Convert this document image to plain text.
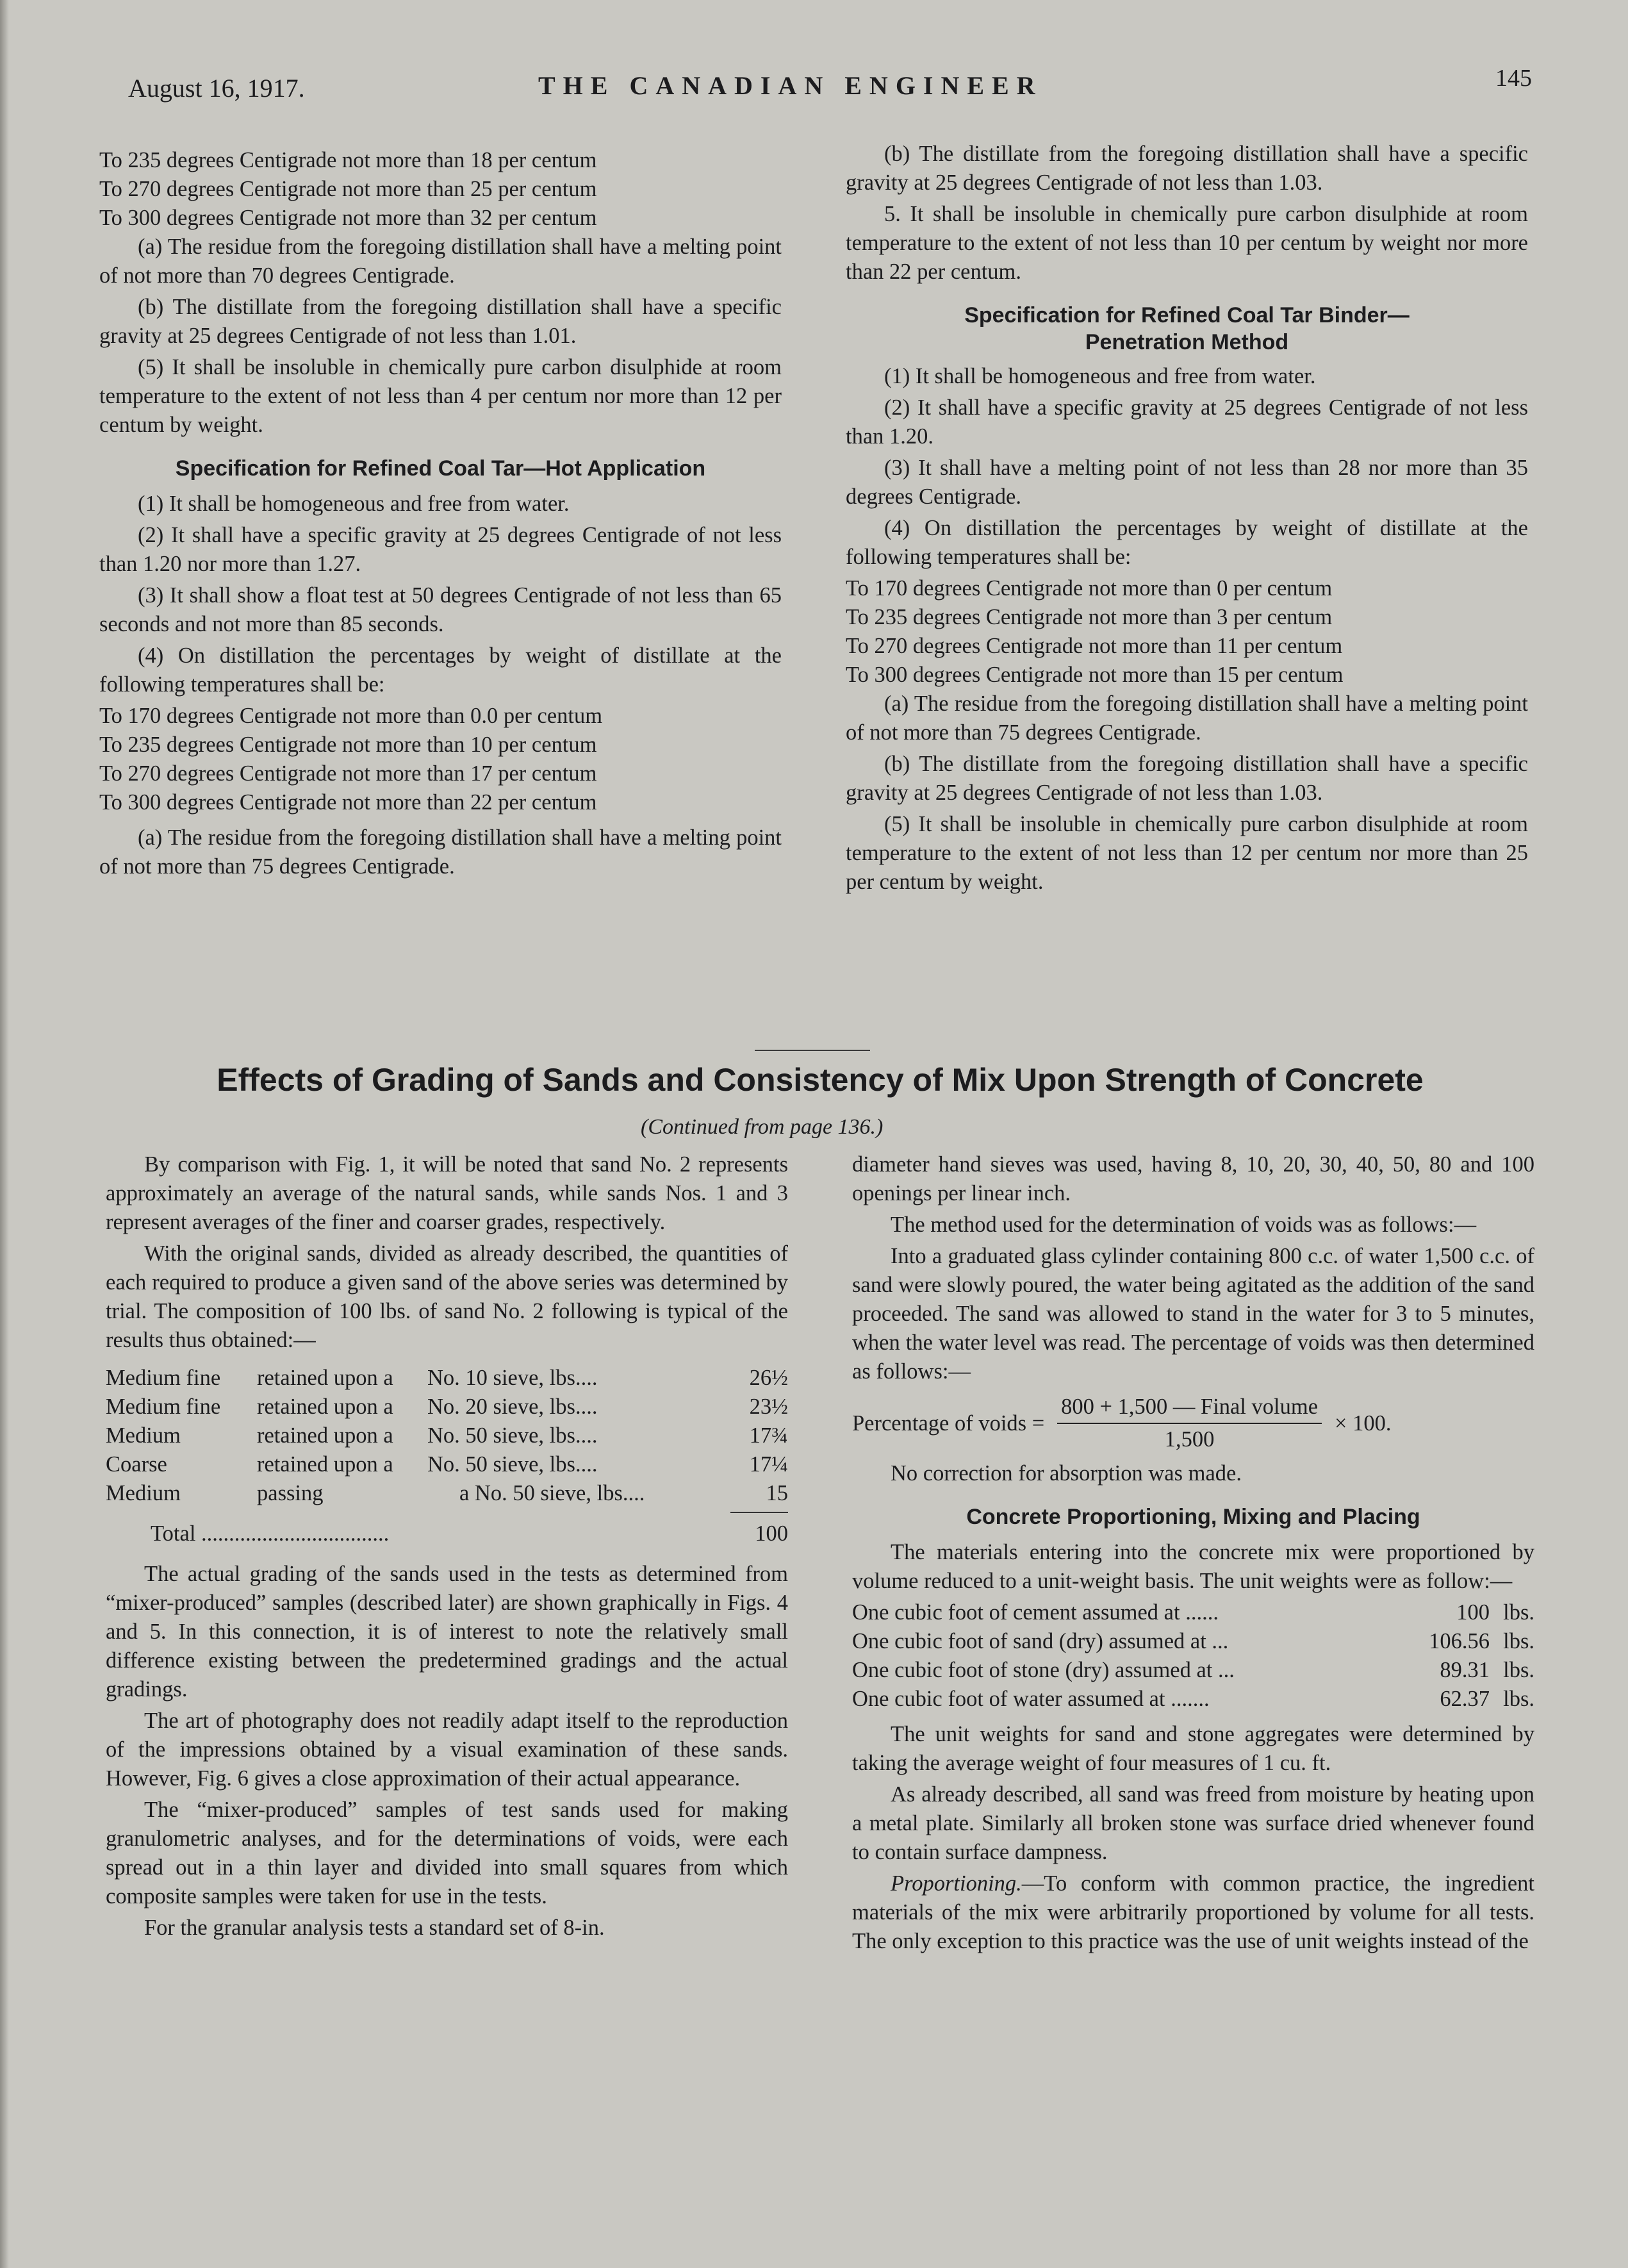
August 16, 1917.	THE CANADIAN ENGINEER	145
To 235 degrees Centigrade not more than 18 per centum
To 270 degrees Centigrade not more than 25 per centum
To 300 degrees Centigrade not more than 32 per centum

(a) The residue from the foregoing distillation shall have a melting point of not more than 70 degrees Centigrade.

(b) The distillate from the foregoing distillation shall have a specific gravity at 25 degrees Centigrade of not less than 1.01.

(5) It shall be insoluble in chemically pure carbon disulphide at room temperature to the extent of not less than 4 per centum nor more than 12 per centum by weight.

Specification for Refined Coal Tar—Hot Application

(1) It shall be homogeneous and free from water.

(2) It shall have a specific gravity at 25 degrees Centigrade of not less than 1.20 nor more than 1.27.

(3) It shall show a float test at 50 degrees Centigrade of not less than 65 seconds and not more than 85 seconds.

(4) On distillation the percentages by weight of distillate at the following temperatures shall be:

To 170 degrees Centigrade not more than 0.0 per centum
To 235 degrees Centigrade not more than 10 per centum
To 270 degrees Centigrade not more than 17 per centum
To 300 degrees Centigrade not more than 22 per centum

(a) The residue from the foregoing distillation shall have a melting point of not more than 75 degrees Centigrade.

(b) The distillate from the foregoing distillation shall have a specific gravity at 25 degrees Centigrade of not less than 1.03.

5. It shall be insoluble in chemically pure carbon disulphide at room temperature to the extent of not less than 10 per centum by weight nor more than 22 per centum.

Specification for Refined Coal Tar Binder—
Penetration Method

(1) It shall be homogeneous and free from water.

(2) It shall have a specific gravity at 25 degrees Centigrade of not less than 1.20.

(3) It shall have a melting point of not less than 28 nor more than 35 degrees Centigrade.

(4) On distillation the percentages by weight of distillate at the following temperatures shall be:

To 170 degrees Centigrade not more than 0 per centum
To 235 degrees Centigrade not more than 3 per centum
To 270 degrees Centigrade not more than 11 per centum
To 300 degrees Centigrade not more than 15 per centum

(a) The residue from the foregoing distillation shall have a melting point of not more than 75 degrees Centigrade.

(b) The distillate from the foregoing distillation shall have a specific gravity at 25 degrees Centigrade of not less than 1.03.

(5) It shall be insoluble in chemically pure carbon disulphide at room temperature to the extent of not less than 12 per centum nor more than 25 per centum by weight.

Effects of Grading of Sands and Consistency of Mix Upon Strength of Concrete
(Continued from page 136.)

By comparison with Fig. 1, it will be noted that sand No. 2 represents approximately an average of the natural sands, while sands Nos. 1 and 3 represent averages of the finer and coarser grades, respectively.

With the original sands, divided as already described, the quantities of each required to produce a given sand of the above series was determined by trial. The composition of 100 lbs. of sand No. 2 following is typical of the results thus obtained:—

Medium fine	retained upon a	No. 10 sieve, lbs....	26½
Medium fine	retained upon a	No. 20 sieve, lbs....	23½
Medium	retained upon a	No. 50 sieve, lbs....	17¾
Coarse	retained upon a	No. 50 sieve, lbs....	17¼
Medium	passing	a No. 50 sieve, lbs....	15
Total ..................................	100

The actual grading of the sands used in the tests as determined from “mixer-produced” samples (described later) are shown graphically in Figs. 4 and 5. In this connection, it is of interest to note the relatively small difference existing between the predetermined gradings and the actual gradings.

The art of photography does not readily adapt itself to the reproduction of the impressions obtained by a visual examination of these sands. However, Fig. 6 gives a close approximation of their actual appearance.

The “mixer-produced” samples of test sands used for making granulometric analyses, and for the determinations of voids, were each spread out in a thin layer and divided into small squares from which composite samples were taken for use in the tests.

For the granular analysis tests a standard set of 8-in.

diameter hand sieves was used, having 8, 10, 20, 30, 40, 50, 80 and 100 openings per linear inch.

The method used for the determination of voids was as follows:—

Into a graduated glass cylinder containing 800 c.c. of water 1,500 c.c. of sand were slowly poured, the water being agitated as the addition of the sand proceeded. The sand was allowed to stand in the water for 3 to 5 minutes, when the water level was read. The percentage of voids was then determined as follows:—

Percentage of voids = $\frac{\text{800 + 1,500 — Final volume}}{1,500} \times 100$.

No correction for absorption was made.

Concrete Proportioning, Mixing and Placing

The materials entering into the concrete mix were proportioned by volume reduced to a unit-weight basis. The unit weights were as follow:—

One cubic foot of cement assumed at ......	100 lbs.
One cubic foot of sand (dry) assumed at ...	106.56 lbs.
One cubic foot of stone (dry) assumed at ...	89.31 lbs.
One cubic foot of water assumed at .......	62.37 lbs.

The unit weights for sand and stone aggregates were determined by taking the average weight of four measures of 1 cu. ft.

As already described, all sand was freed from moisture by heating upon a metal plate. Similarly all broken stone was surface dried whenever found to contain surface dampness.

Proportioning.—To conform with common practice, the ingredient materials of the mix were arbitrarily proportioned by volume for all tests. The only exception to this practice was the use of unit weights instead of the
